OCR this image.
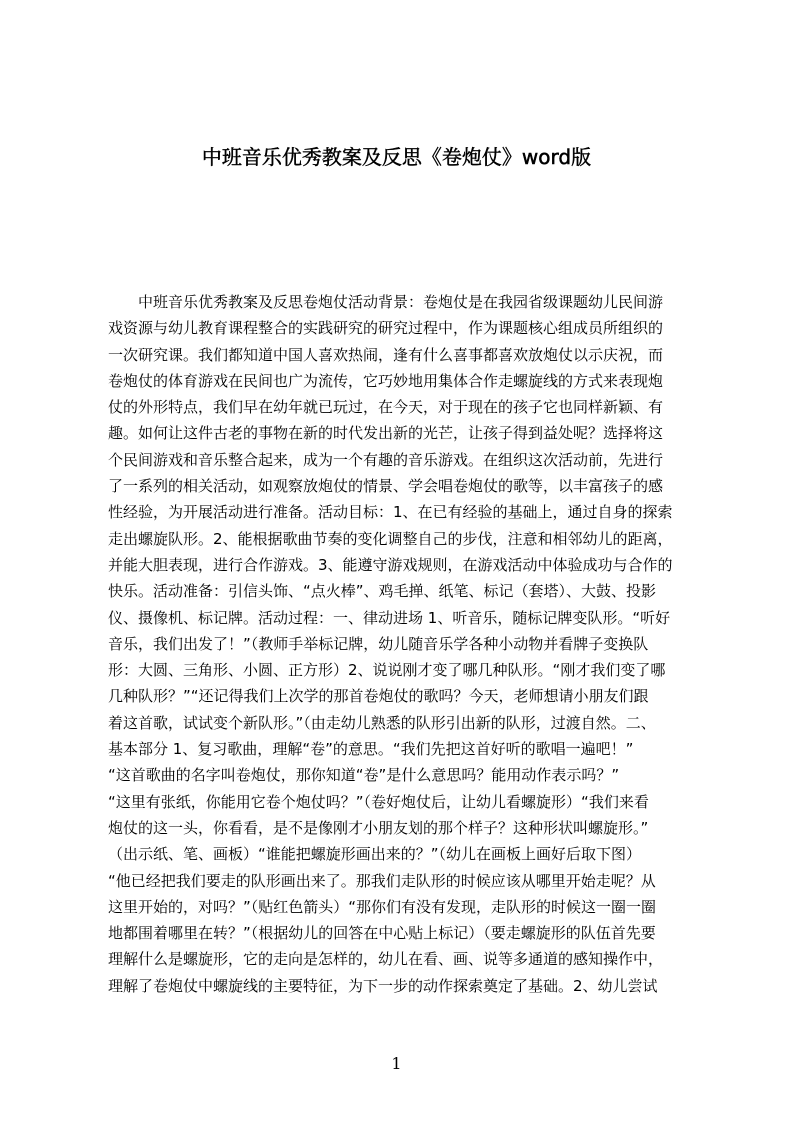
中班音乐优秀教案及反思《卷炮仗》word版
　　中班音乐优秀教案及反思卷炮仗活动背景：卷炮仗是在我园省级课题幼儿民间游
戏资源与幼儿教育课程整合的实践研究的研究过程中，作为课题核心组成员所组织的
一次研究课。我们都知道中国人喜欢热闹，逢有什么喜事都喜欢放炮仗以示庆祝，而
卷炮仗的体育游戏在民间也广为流传，它巧妙地用集体合作走螺旋线的方式来表现炮
仗的外形特点，我们早在幼年就已玩过，在今天，对于现在的孩子它也同样新颖、有
趣。如何让这件古老的事物在新的时代发出新的光芒，让孩子得到益处呢？选择将这
个民间游戏和音乐整合起来，成为一个有趣的音乐游戏。在组织这次活动前，先进行
了一系列的相关活动，如观察放炮仗的情景、学会唱卷炮仗的歌等，以丰富孩子的感
性经验，为开展活动进行准备。活动目标：1、在已有经验的基础上，通过自身的探索
走出螺旋队形。2、能根据歌曲节奏的变化调整自己的步伐，注意和相邻幼儿的距离，
并能大胆表现，进行合作游戏。3、能遵守游戏规则，在游戏活动中体验成功与合作的
快乐。活动准备：引信头饰、“点火棒”、鸡毛掸、纸笔、标记（套塔）、大鼓、投影
仪、摄像机、标记牌。活动过程：一、律动进场 1、听音乐，随标记牌变队形。“听好
音乐，我们出发了！”（教师手举标记牌，幼儿随音乐学各种小动物并看牌子变换队
形：大圆、三角形、小圆、正方形）2、说说刚才变了哪几种队形。“刚才我们变了哪
几种队形？”“还记得我们上次学的那首卷炮仗的歌吗？今天，老师想请小朋友们跟
着这首歌，试试变个新队形。”（由走幼儿熟悉的队形引出新的队形，过渡自然。二、
基本部分 1、复习歌曲，理解“卷”的意思。“我们先把这首好听的歌唱一遍吧！”
“这首歌曲的名字叫卷炮仗，那你知道“卷”是什么意思吗？能用动作表示吗？”
“这里有张纸，你能用它卷个炮仗吗？”（卷好炮仗后，让幼儿看螺旋形）“我们来看
炮仗的这一头，你看看，是不是像刚才小朋友划的那个样子？这种形状叫螺旋形。”
（出示纸、笔、画板）“谁能把螺旋形画出来的？”（幼儿在画板上画好后取下图）
“他已经把我们要走的队形画出来了。那我们走队形的时候应该从哪里开始走呢？从
这里开始的，对吗？”（贴红色箭头）“那你们有没有发现，走队形的时候这一圈一圈
地都围着哪里在转？”（根据幼儿的回答在中心贴上标记）（要走螺旋形的队伍首先要
理解什么是螺旋形，它的走向是怎样的，幼儿在看、画、说等多通道的感知操作中，
理解了卷炮仗中螺旋线的主要特征，为下一步的动作探索奠定了基础。2、幼儿尝试
1
